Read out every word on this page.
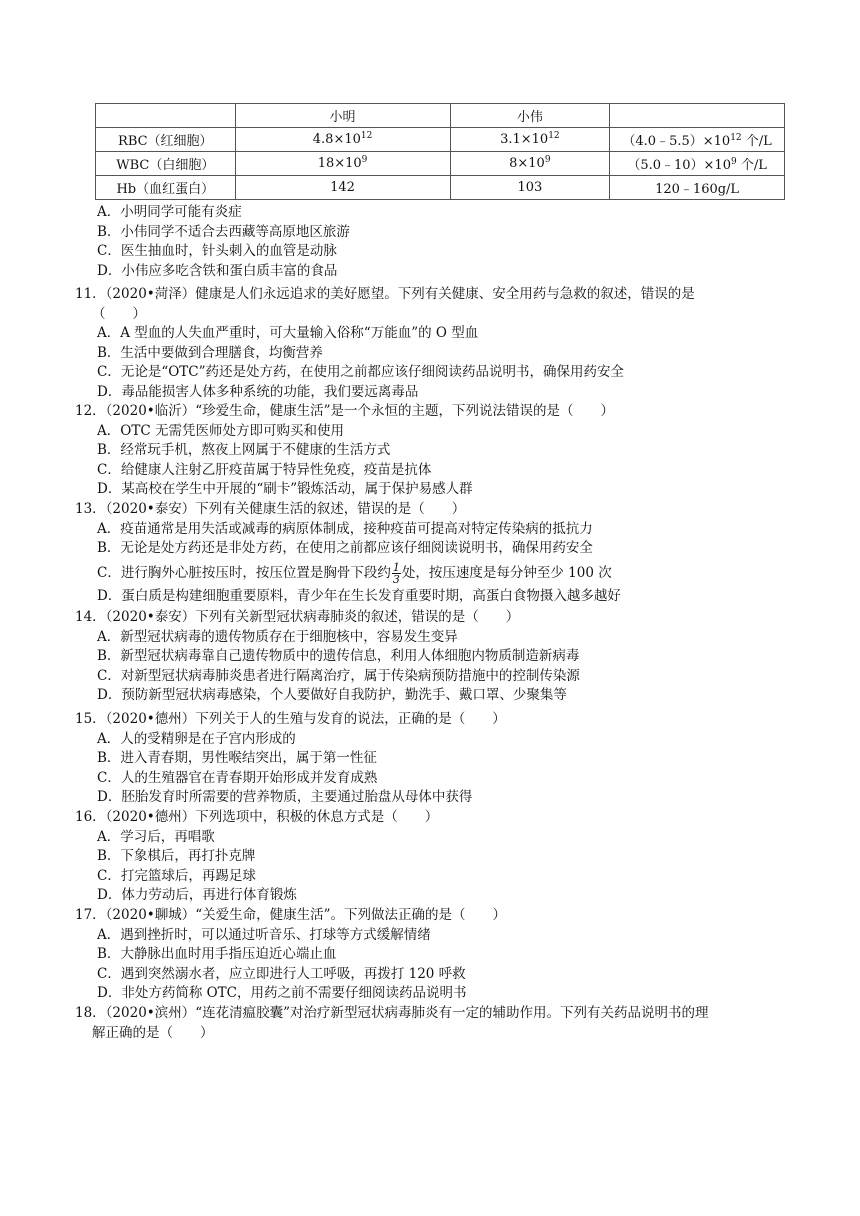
	小明	小伟	
RBC（红细胞）	$4.8\times 10^{12}$	$3.1\times 10^{12}$	$(4.0﹣5.5)\times 10^{12}$ 个/L
WBC（白细胞）	$18\times 10^9$	$8\times 10^9$	$(5.0﹣10)\times 10^9$ 个/L
Hb（血红蛋白）	142	103	120﹣160g/L
A．小明同学可能有炎症
B．小伟同学不适合去西藏等高原地区旅游
C．医生抽血时，针头刺入的血管是动脉
D．小伟应多吃含铁和蛋白质丰富的食品
11．（2020•菏泽）健康是人们永远追求的美好愿望。下列有关健康、安全用药与急救的叙述，错误的是
（　　）
A．A 型血的人失血严重时，可大量输入俗称“万能血”的 O 型血
B．生活中要做到合理膳食，均衡营养
C．无论是“OTC”药还是处方药，在使用之前都应该仔细阅读药品说明书，确保用药安全
D．毒品能损害人体多种系统的功能，我们要远离毒品
12．（2020•临沂）“珍爱生命，健康生活”是一个永恒的主题，下列说法错误的是（　　）
A．OTC 无需凭医师处方即可购买和使用
B．经常玩手机，熬夜上网属于不健康的生活方式
C．给健康人注射乙肝疫苗属于特异性免疫，疫苗是抗体
D．某高校在学生中开展的“刷卡”锻炼活动，属于保护易感人群
13．（2020•泰安）下列有关健康生活的叙述，错误的是（　　）
A．疫苗通常是用失活或减毒的病原体制成，接种疫苗可提高对特定传染病的抵抗力
B．无论是处方药还是非处方药，在使用之前都应该仔细阅读说明书，确保用药安全
C．进行胸外心脏按压时，按压位置是胸骨下段约 $\frac{1}{3}$ 处，按压速度是每分钟至少 100 次
D．蛋白质是构建细胞重要原料，青少年在生长发育重要时期，高蛋白食物摄入越多越好
14．（2020•泰安）下列有关新型冠状病毒肺炎的叙述，错误的是（　　）
A．新型冠状病毒的遗传物质存在于细胞核中，容易发生变异
B．新型冠状病毒靠自己遗传物质中的遗传信息，利用人体细胞内物质制造新病毒
C．对新型冠状病毒肺炎患者进行隔离治疗，属于传染病预防措施中的控制传染源
D．预防新型冠状病毒感染，个人要做好自我防护，勤洗手、戴口罩、少聚集等
15．（2020•德州）下列关于人的生殖与发育的说法，正确的是（　　）
A．人的受精卵是在子宫内形成的
B．进入青春期，男性喉结突出，属于第一性征
C．人的生殖器官在青春期开始形成并发育成熟
D．胚胎发育时所需要的营养物质，主要通过胎盘从母体中获得
16．（2020•德州）下列选项中，积极的休息方式是（　　）
A．学习后，再唱歌
B．下象棋后，再打扑克牌
C．打完篮球后，再踢足球
D．体力劳动后，再进行体育锻炼
17．（2020•聊城）“关爱生命，健康生活”。下列做法正确的是（　　）
A．遇到挫折时，可以通过听音乐、打球等方式缓解情绪
B．大静脉出血时用手指压迫近心端止血
C．遇到突然溺水者，应立即进行人工呼吸，再拨打 120 呼救
D．非处方药简称 OTC，用药之前不需要仔细阅读药品说明书
18．（2020•滨州）“连花清瘟胶囊”对治疗新型冠状病毒肺炎有一定的辅助作用。下列有关药品说明书的理
解正确的是（　　）
